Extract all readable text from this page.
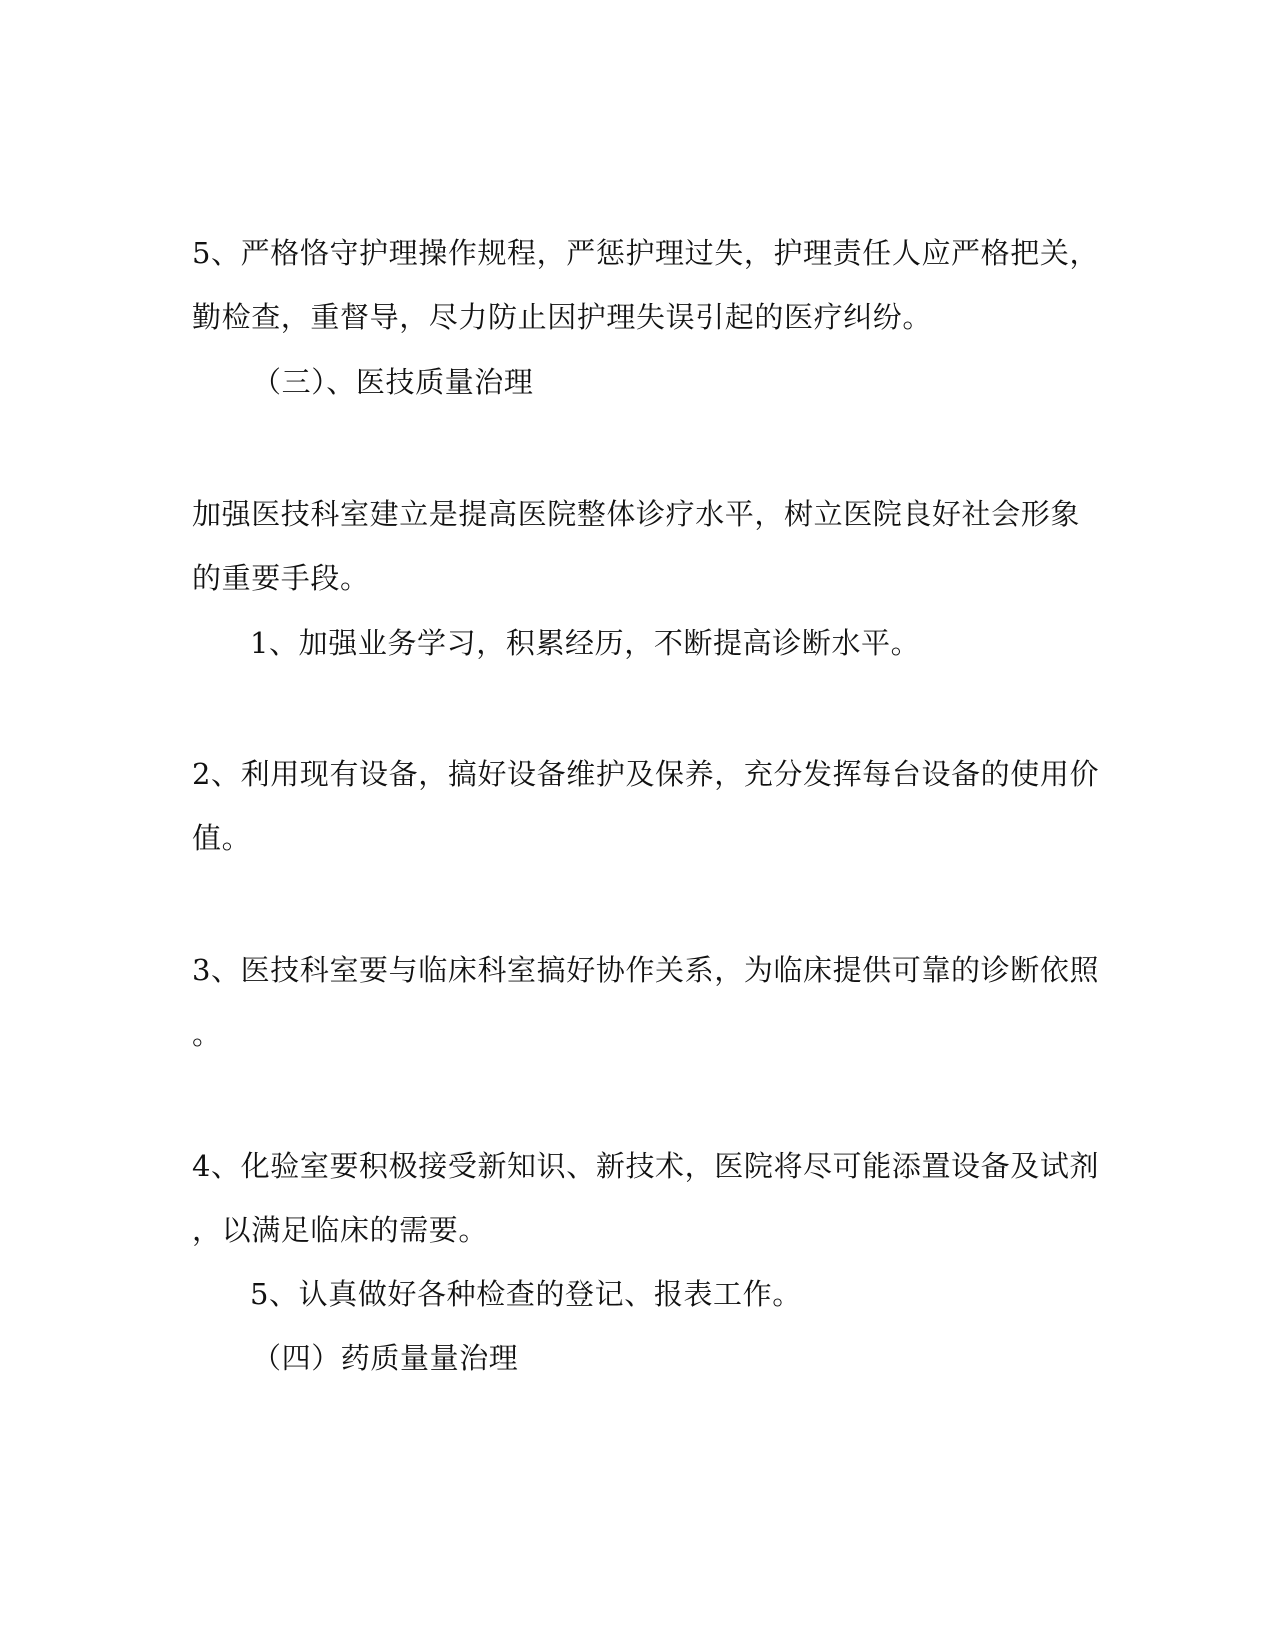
5、严格恪守护理操作规程，严惩护理过失，护理责任人应严格把关，
勤检查，重督导，尽力防止因护理失误引起的医疗纠纷。
（三）、医技质量治理
加强医技科室建立是提高医院整体诊疗水平，树立医院良好社会形象
的重要手段。
1、加强业务学习，积累经历，不断提高诊断水平。
2、利用现有设备，搞好设备维护及保养，充分发挥每台设备的使用价
值。
3、医技科室要与临床科室搞好协作关系，为临床提供可靠的诊断依照
。
4、化验室要积极接受新知识、新技术，医院将尽可能添置设备及试剂
，以满足临床的需要。
5、认真做好各种检查的登记、报表工作。
（四）药质量量治理
